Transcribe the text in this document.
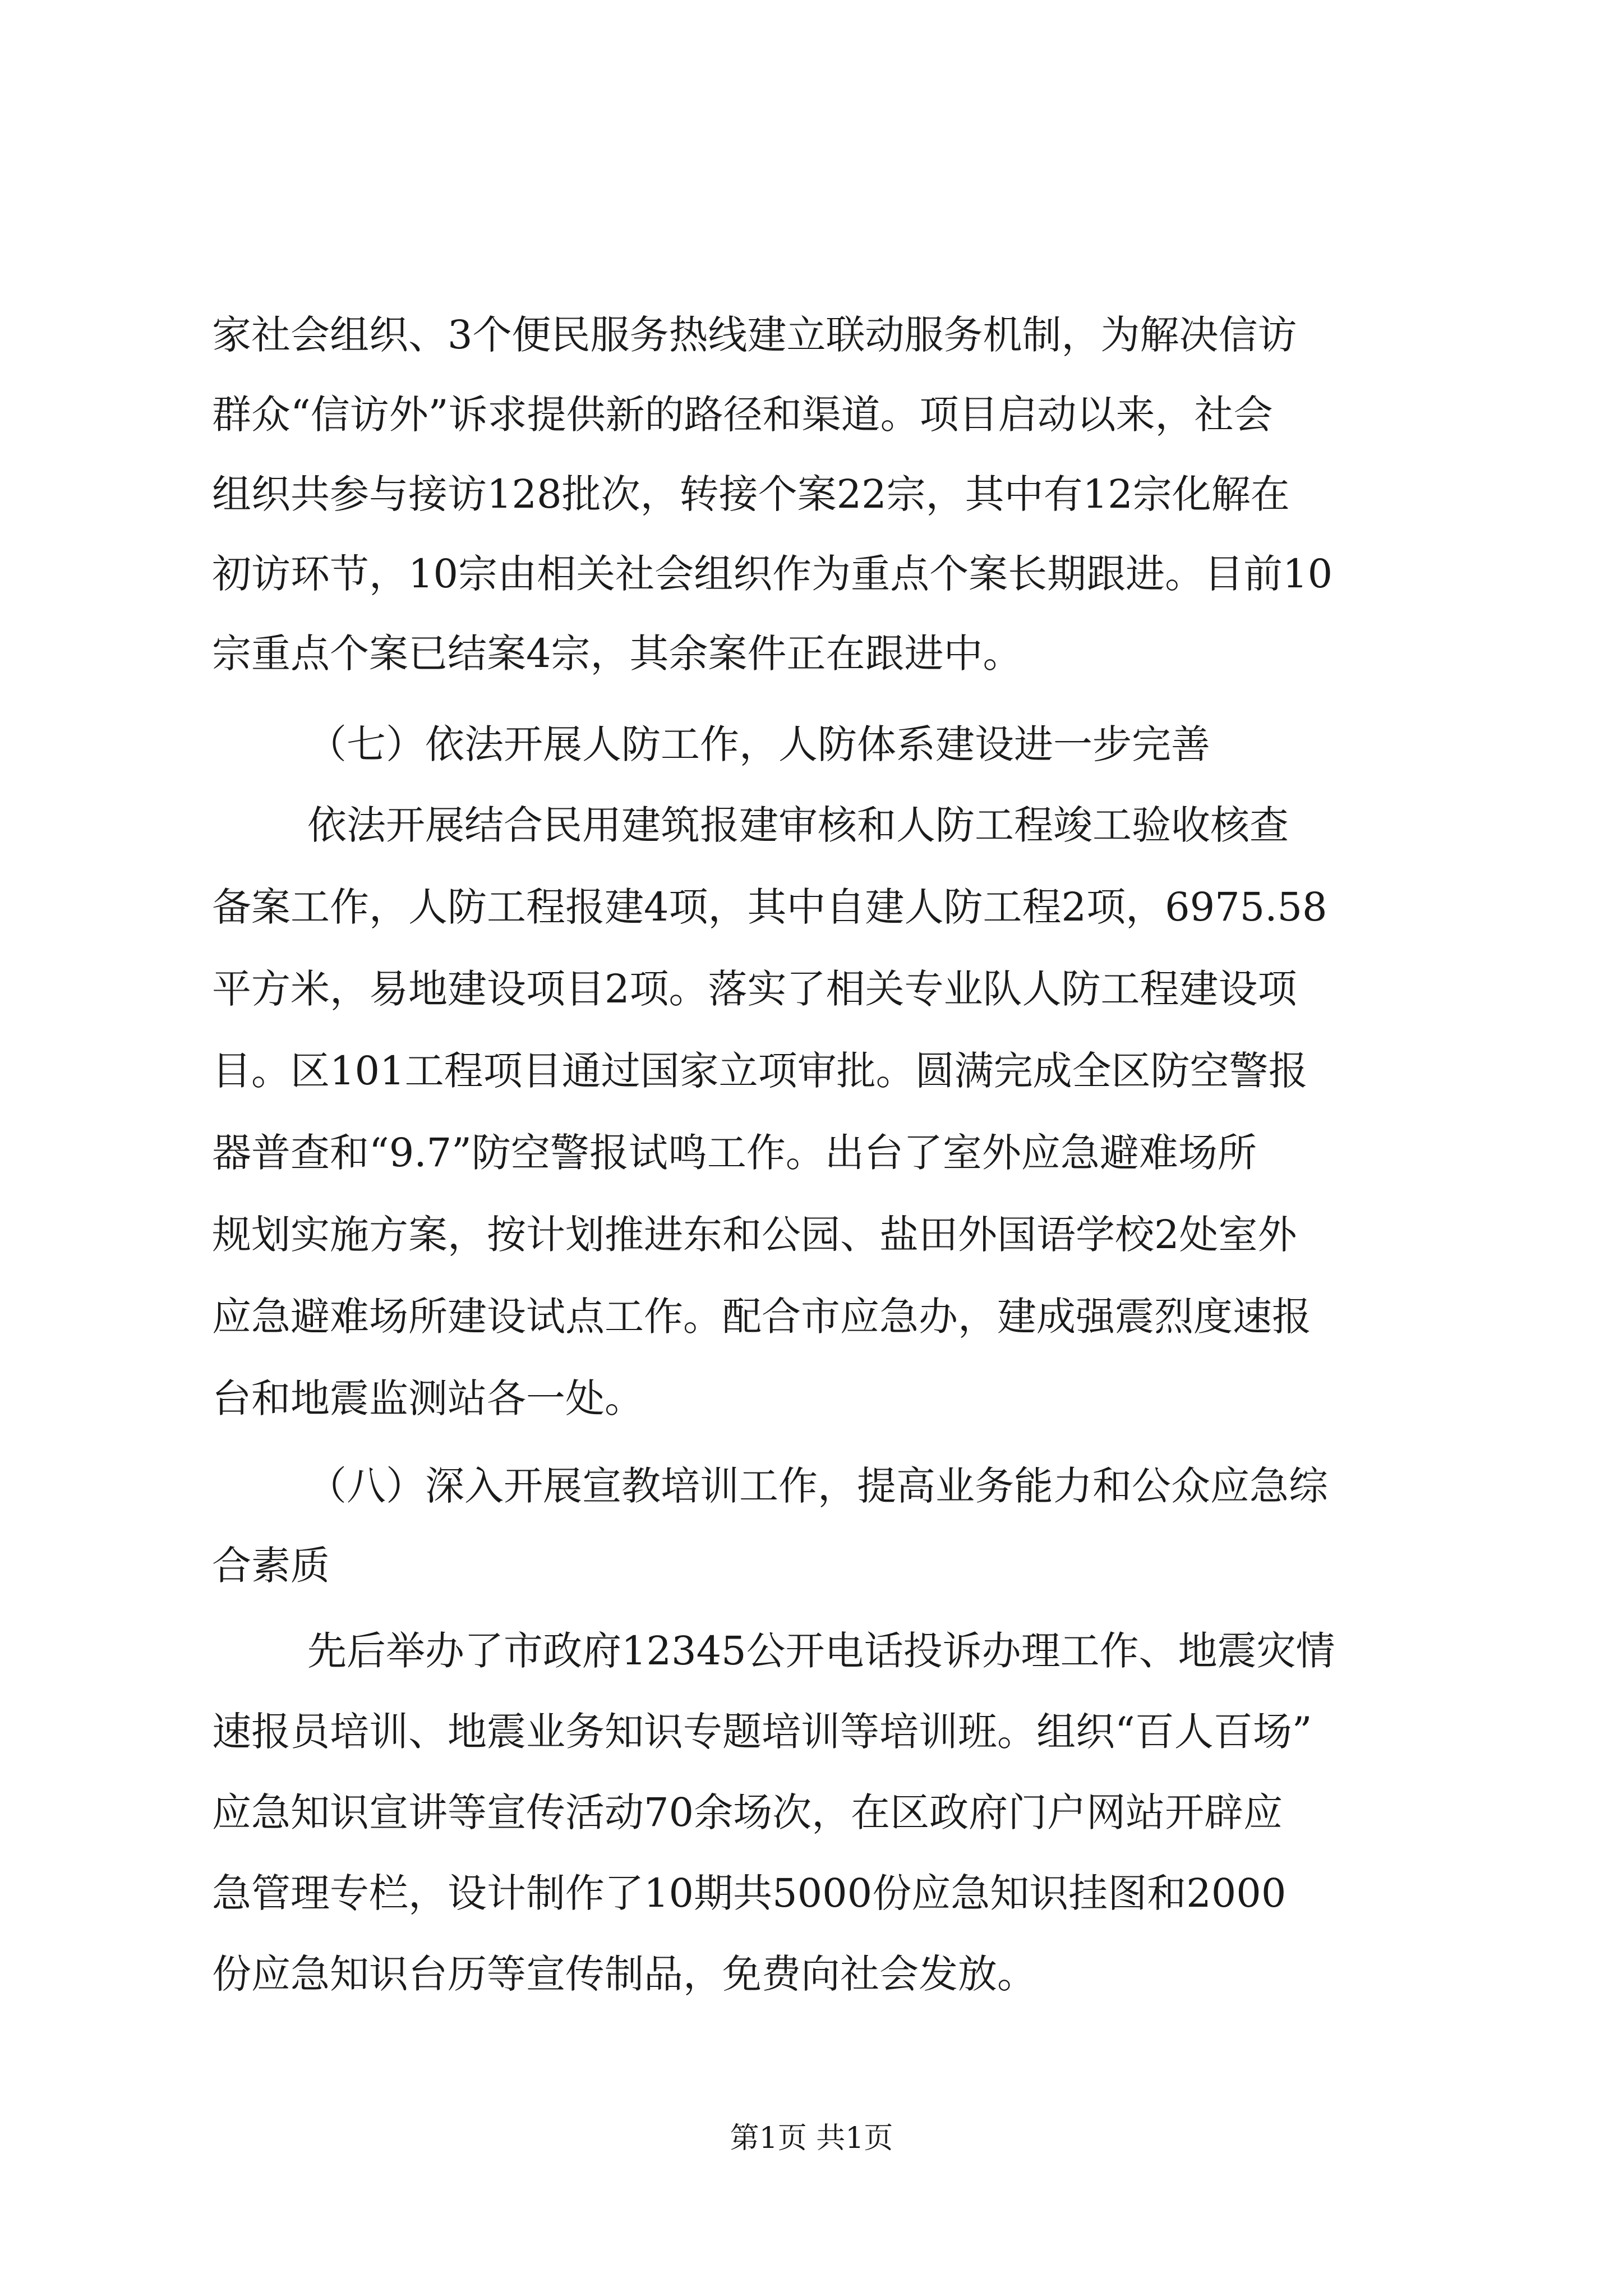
家社会组织、3个便民服务热线建立联动服务机制，为解决信访
群众“信访外”诉求提供新的路径和渠道。项目启动以来，社会
组织共参与接访128批次，转接个案22宗，其中有12宗化解在
初访环节，10宗由相关社会组织作为重点个案长期跟进。目前10
宗重点个案已结案4宗，其余案件正在跟进中。
（七）依法开展人防工作，人防体系建设进一步完善
依法开展结合民用建筑报建审核和人防工程竣工验收核查
备案工作，人防工程报建4项，其中自建人防工程2项，6975.58
平方米，易地建设项目2项。落实了相关专业队人防工程建设项
目。区101工程项目通过国家立项审批。圆满完成全区防空警报
器普查和“9.7”防空警报试鸣工作。出台了室外应急避难场所
规划实施方案，按计划推进东和公园、盐田外国语学校2处室外
应急避难场所建设试点工作。配合市应急办，建成强震烈度速报
台和地震监测站各一处。
（八）深入开展宣教培训工作，提高业务能力和公众应急综
合素质
先后举办了市政府12345公开电话投诉办理工作、地震灾情
速报员培训、地震业务知识专题培训等培训班。组织“百人百场”
应急知识宣讲等宣传活动70余场次，在区政府门户网站开辟应
急管理专栏，设计制作了10期共5000份应急知识挂图和2000
份应急知识台历等宣传制品，免费向社会发放。
第1页 共1页
